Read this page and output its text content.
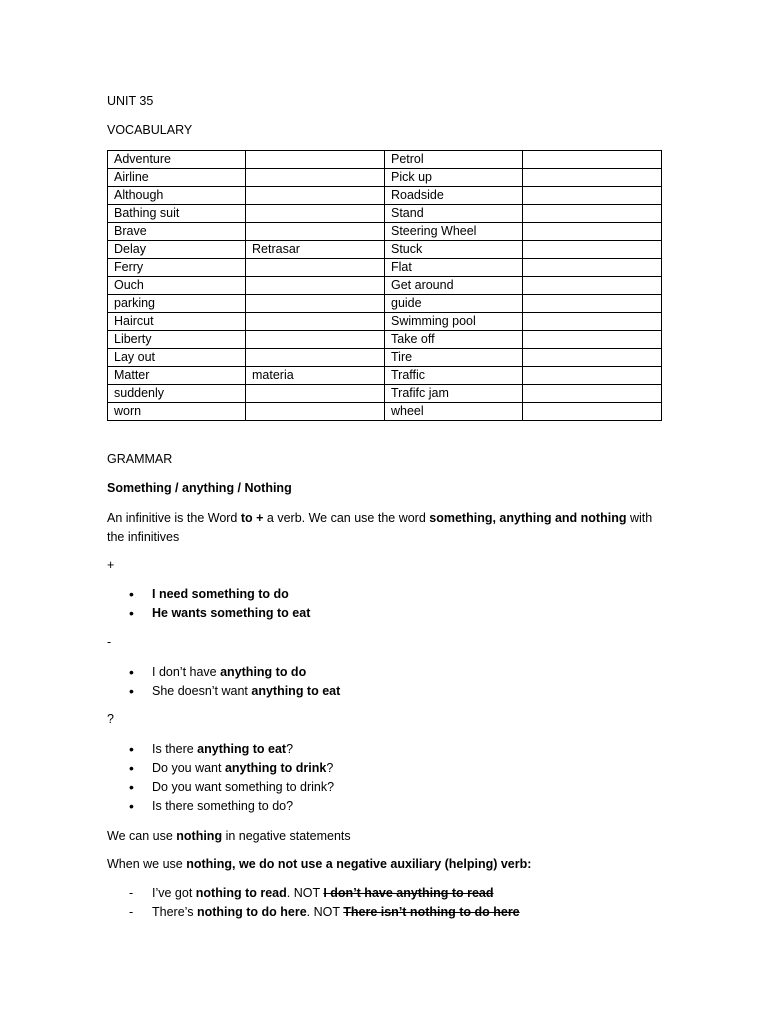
UNIT 35
VOCABULARY
Adventure		Petrol	
Airline		Pick up	
Although		Roadside	
Bathing suit		Stand	
Brave		Steering Wheel	
Delay	Retrasar	Stuck	
Ferry		Flat	
Ouch		Get around	
parking		guide	
Haircut		Swimming pool	
Liberty		Take off	
Lay out		Tire	
Matter	materia	Traffic	
suddenly		Trafifc jam	
worn		wheel	
GRAMMAR
Something / anything / Nothing
An infinitive is the Word to + a verb. We can use the word something, anything and nothing with the infinitives
+
• I need something to do
• He wants something to eat
-
• I don’t have anything to do
• She doesn’t want anything to eat
?
• Is there anything to eat?
• Do you want anything to drink?
• Do you want something to drink?
• Is there something to do?
We can use nothing in negative statements
When we use nothing, we do not use a negative auxiliary (helping) verb:
- I’ve got nothing to read. NOT I don’t have anything to read
- There’s nothing to do here. NOT There isn’t nothing to do here
